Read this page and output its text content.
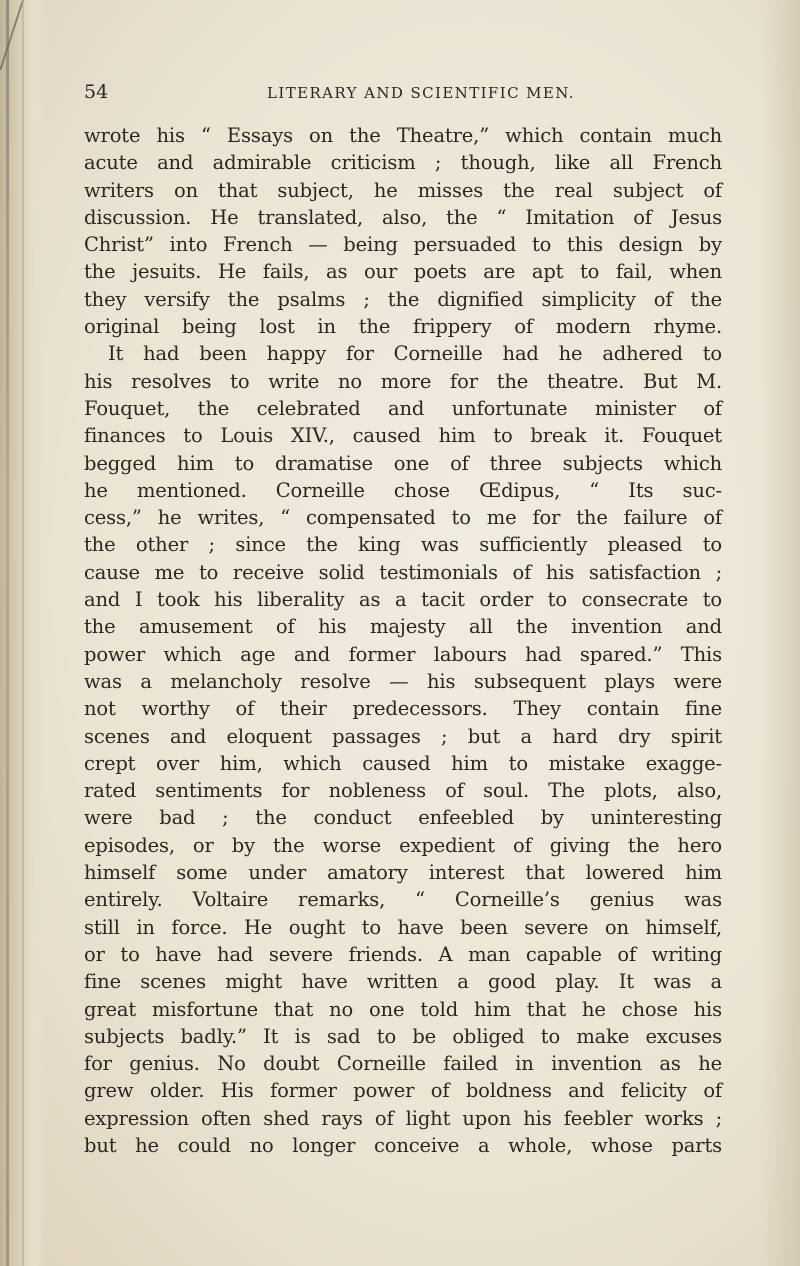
54	LITERARY AND SCIENTIFIC MEN.
wrote his “ Essays on the Theatre,” which contain much
acute and admirable criticism ; though, like all French
writers on that subject, he misses the real subject of
discussion. He translated, also, the “ Imitation of Jesus
Christ” into French — being persuaded to this design by
the jesuits. He fails, as our poets are apt to fail, when
they versify the psalms ; the dignified simplicity of the
original being lost in the frippery of modern rhyme.
It had been happy for Corneille had he adhered to
his resolves to write no more for the theatre. But M.
Fouquet, the celebrated and unfortunate minister of
finances to Louis XIV., caused him to break it. Fouquet
begged him to dramatise one of three subjects which
he mentioned. Corneille chose Œdipus, “ Its suc-
cess,” he writes, “ compensated to me for the failure of
the other ; since the king was sufficiently pleased to
cause me to receive solid testimonials of his satisfaction ;
and I took his liberality as a tacit order to consecrate to
the amusement of his majesty all the invention and
power which age and former labours had spared.” This
was a melancholy resolve — his subsequent plays were
not worthy of their predecessors. They contain fine
scenes and eloquent passages ; but a hard dry spirit
crept over him, which caused him to mistake exagge-
rated sentiments for nobleness of soul. The plots, also,
were bad ; the conduct enfeebled by uninteresting
episodes, or by the worse expedient of giving the hero
himself some under amatory interest that lowered him
entirely. Voltaire remarks, “ Corneille’s genius was
still in force. He ought to have been severe on himself,
or to have had severe friends. A man capable of writing
fine scenes might have written a good play. It was a
great misfortune that no one told him that he chose his
subjects badly.” It is sad to be obliged to make excuses
for genius. No doubt Corneille failed in invention as he
grew older. His former power of boldness and felicity of
expression often shed rays of light upon his feebler works ;
but he could no longer conceive a whole, whose parts
